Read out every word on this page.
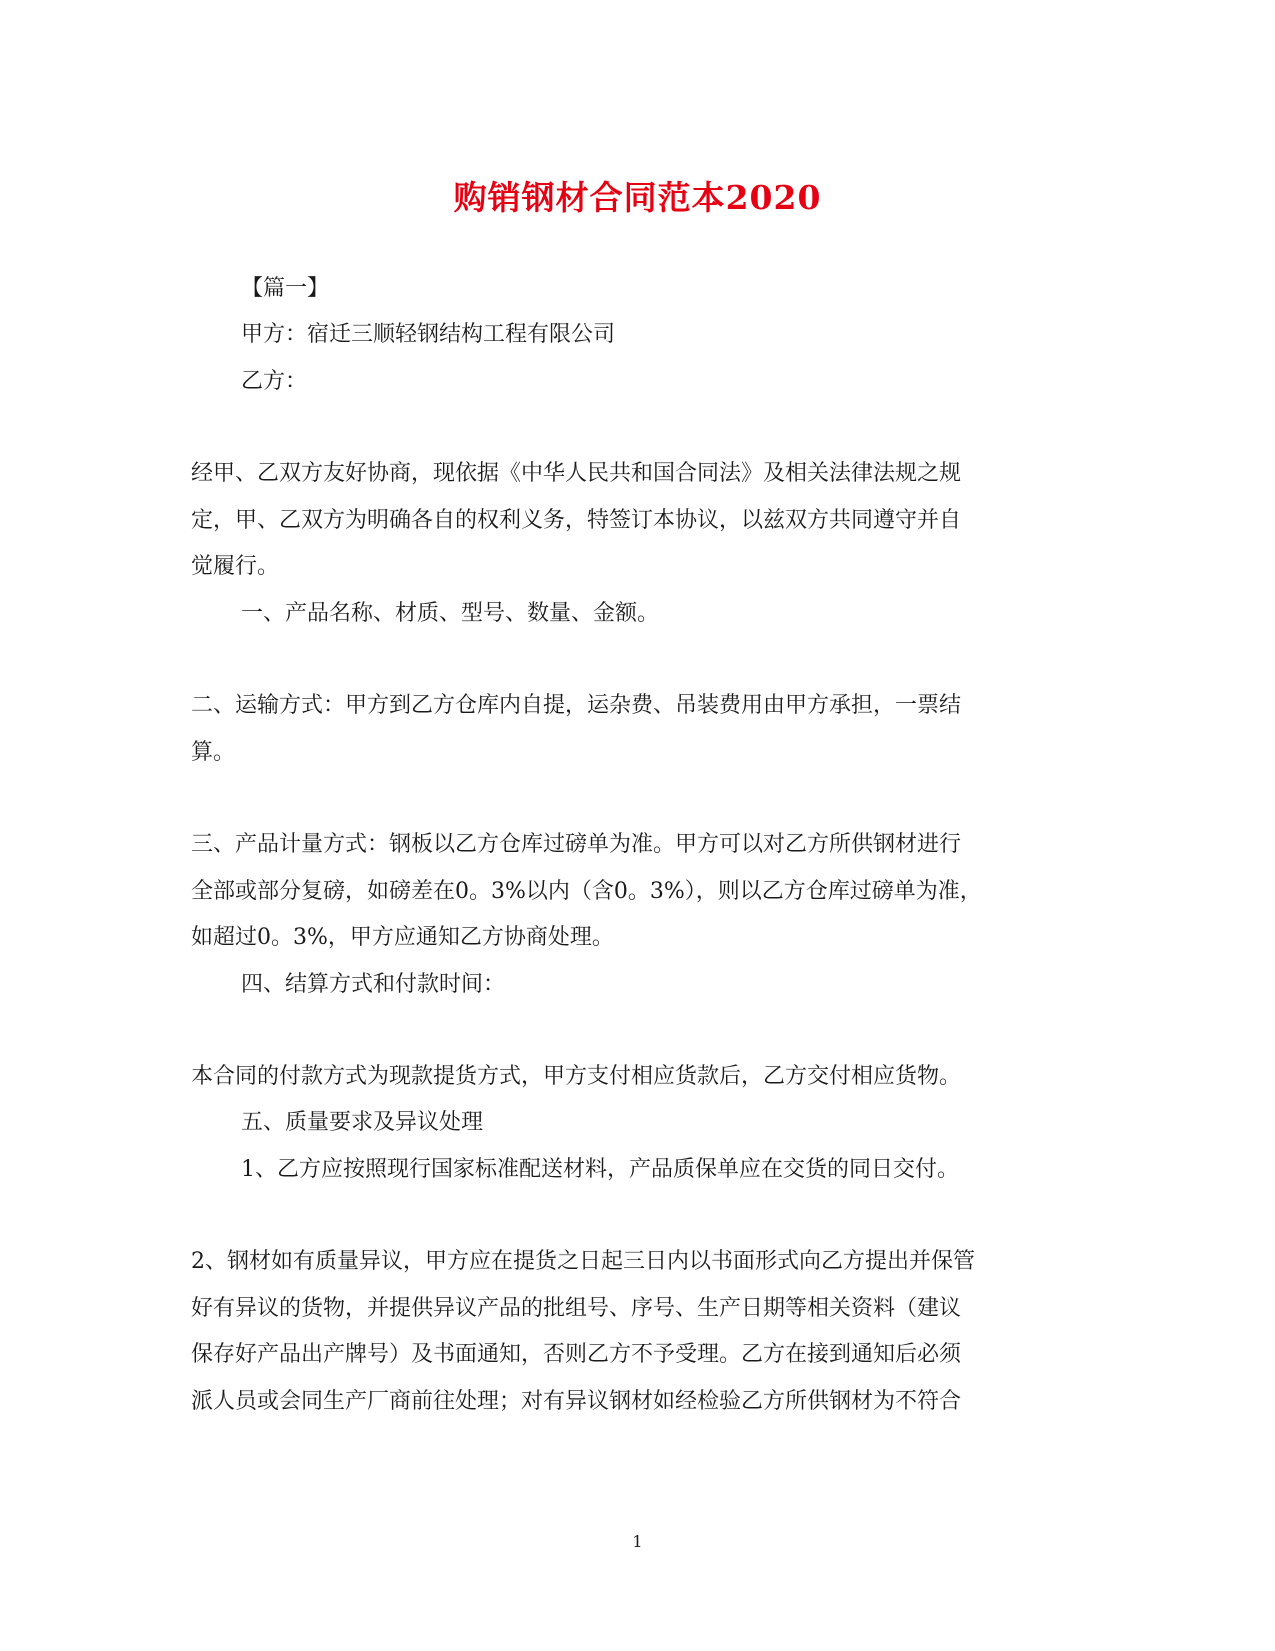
购销钢材合同范本2020
【篇一】
甲方：宿迁三顺轻钢结构工程有限公司
乙方：
经甲、乙双方友好协商，现依据《中华人民共和国合同法》及相关法律法规之规
定，甲、乙双方为明确各自的权利义务，特签订本协议，以兹双方共同遵守并自
觉履行。
一、产品名称、材质、型号、数量、金额。
二、运输方式：甲方到乙方仓库内自提，运杂费、吊装费用由甲方承担，一票结
算。
三、产品计量方式：钢板以乙方仓库过磅单为准。甲方可以对乙方所供钢材进行
全部或部分复磅，如磅差在0。3%以内（含0。3%），则以乙方仓库过磅单为准，
如超过0。3%，甲方应通知乙方协商处理。
四、结算方式和付款时间：
本合同的付款方式为现款提货方式，甲方支付相应货款后，乙方交付相应货物。
五、质量要求及异议处理
1、乙方应按照现行国家标准配送材料，产品质保单应在交货的同日交付。
2、钢材如有质量异议，甲方应在提货之日起三日内以书面形式向乙方提出并保管
好有异议的货物，并提供异议产品的批组号、序号、生产日期等相关资料（建议
保存好产品出产牌号）及书面通知，否则乙方不予受理。乙方在接到通知后必须
派人员或会同生产厂商前往处理；对有异议钢材如经检验乙方所供钢材为不符合
1
